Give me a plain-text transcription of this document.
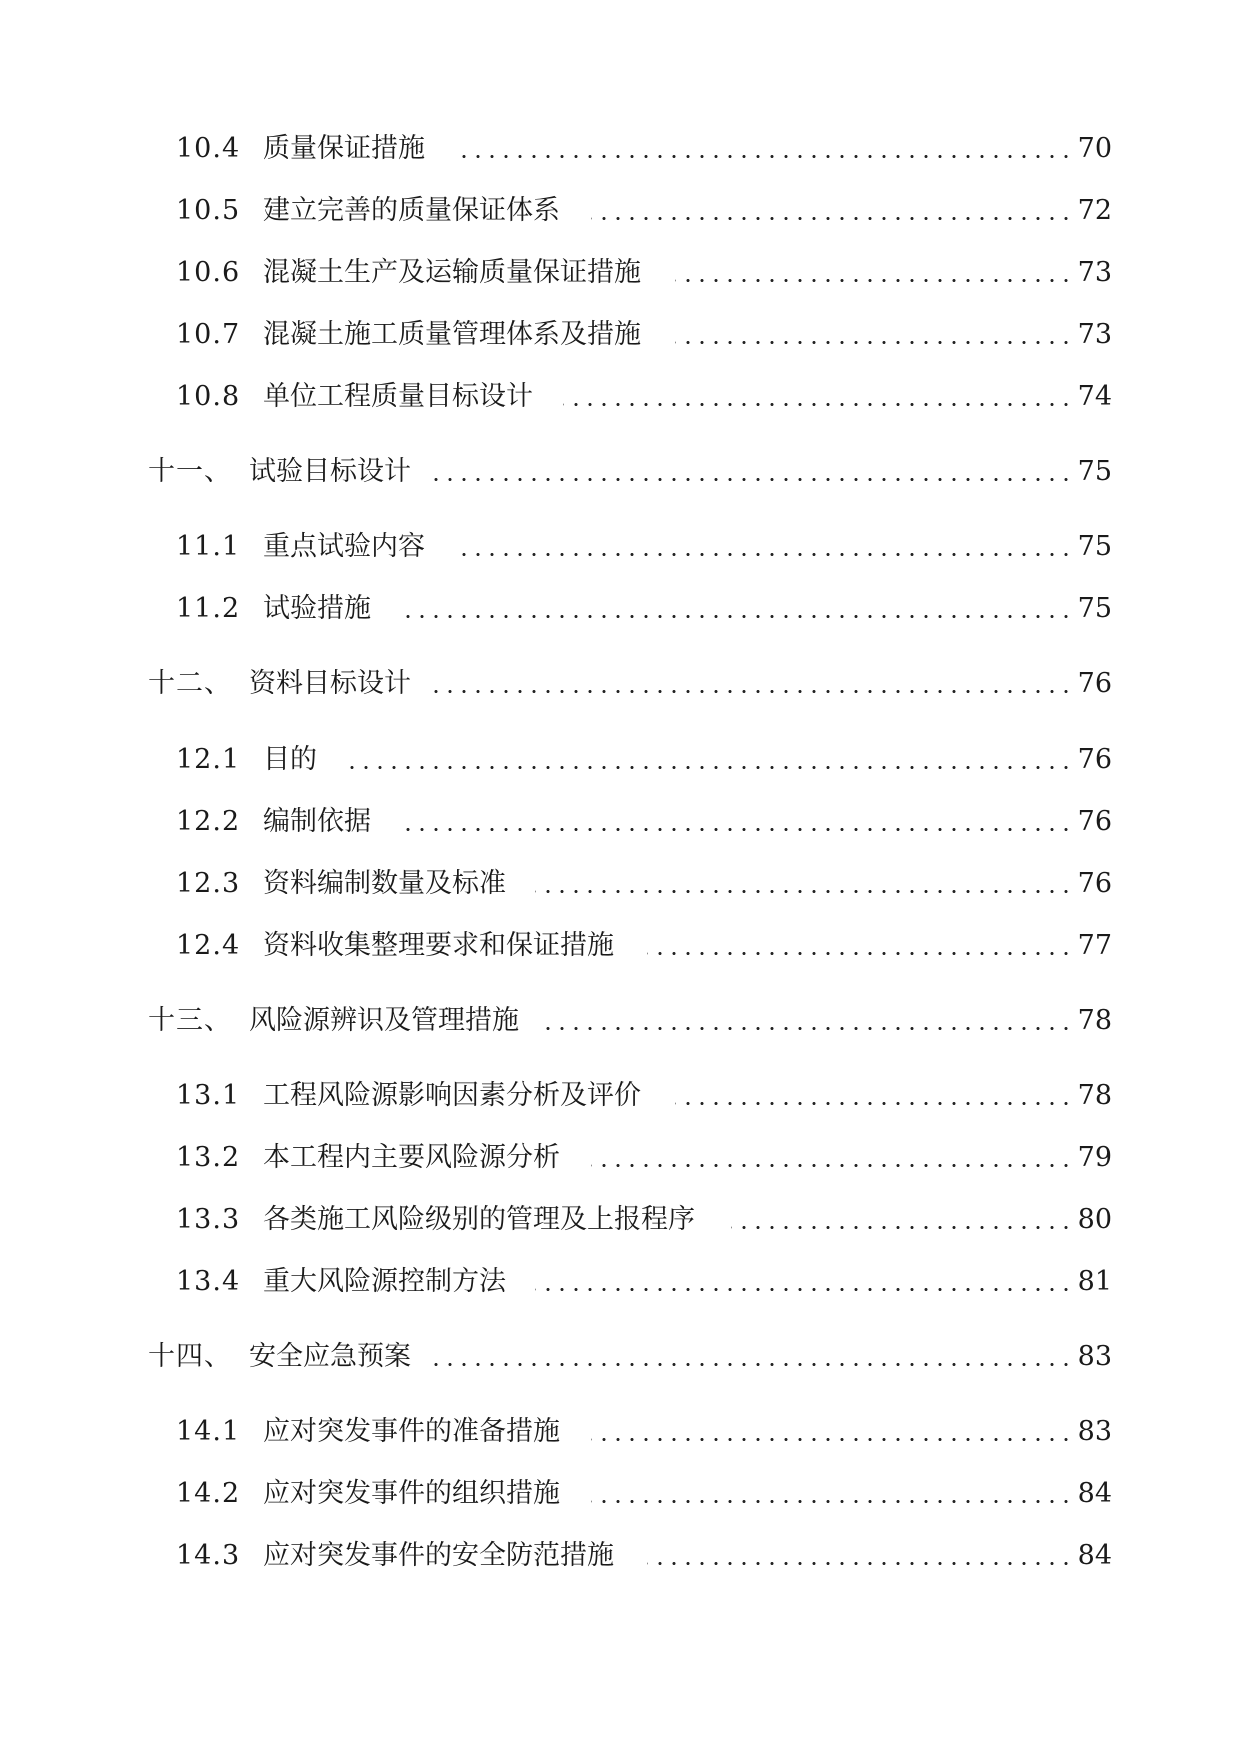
10.4 质量保证措施	70
10.5 建立完善的质量保证体系	72
10.6 混凝土生产及运输质量保证措施	73
10.7 混凝土施工质量管理体系及措施	73
10.8 单位工程质量目标设计	74
十一、 试验目标设计	75
11.1 重点试验内容	75
11.2 试验措施	75
十二、 资料目标设计	76
12.1 目的	76
12.2 编制依据	76
12.3 资料编制数量及标准	76
12.4 资料收集整理要求和保证措施	77
十三、 风险源辨识及管理措施	78
13.1 工程风险源影响因素分析及评价	78
13.2 本工程内主要风险源分析	79
13.3 各类施工风险级别的管理及上报程序	80
13.4 重大风险源控制方法	81
十四、 安全应急预案	83
14.1 应对突发事件的准备措施	83
14.2 应对突发事件的组织措施	84
14.3 应对突发事件的安全防范措施	84
